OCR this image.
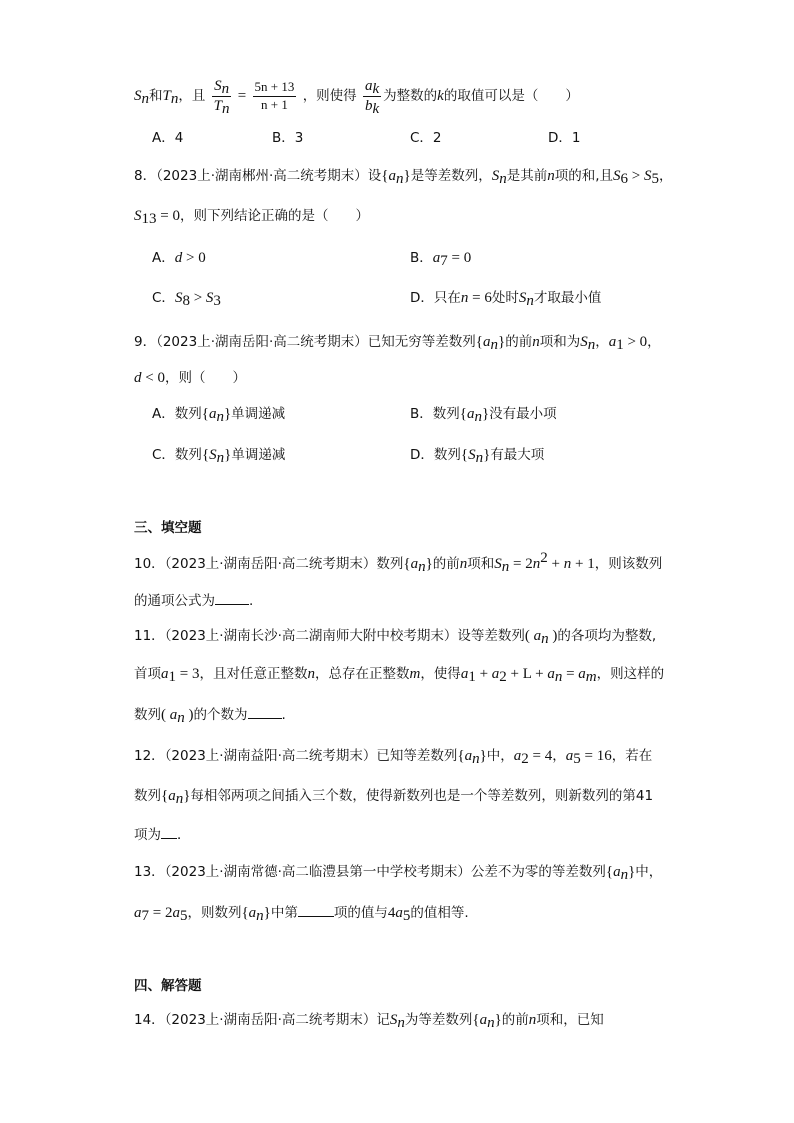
$S_n$和$T_n$，且 $\frac{S_n}{T_n} = \frac{5n + 13}{n + 1}$ ，则使得 $\frac{a_k}{b_k}$ 为整数的k的取值可以是（　　）
A．4	B．3	C．2	D．1
8．（2023上·湖南郴州·高二统考期末）设$\{a_n\}$是等差数列，$S_n$是其前n项的和,且$S_6 > S_5$，
$S_{13} = 0$，则下列结论正确的是（　　）
A．d > 0	B．$a_7 = 0$
C．$S_8 > S_3$	D．只在n = 6处时$S_n$才取最小值
9．（2023上·湖南岳阳·高二统考期末）已知无穷等差数列$\{a_n\}$的前n项和为$S_n$，$a_1 > 0$，
d < 0，则（　　）
A．数列$\{a_n\}$单调递减	B．数列$\{a_n\}$没有最小项
C．数列$\{S_n\}$单调递减	D．数列$\{S_n\}$有最大项
三、填空题
10．（2023上·湖南岳阳·高二统考期末）数列$\{a_n\}$的前n项和$S_n = 2n^2 + n + 1$，则该数列
的通项公式为	.
11．（2023上·湖南长沙·高二湖南师大附中校考期末）设等差数列( $a_n$ )的各项均为整数,
首项$a_1 = 3$，且对任意正整数n，总存在正整数m，使得$a_1 + a_2 + L + a_n = a_m$，则这样的
数列( $a_n$ )的个数为	.
12．（2023上·湖南益阳·高二统考期末）已知等差数列$\{a_n\}$中，$a_2 = 4$，$a_5 = 16$，若在
数列$\{a_n\}$每相邻两项之间插入三个数，使得新数列也是一个等差数列，则新数列的第41
项为 ．
13．（2023上·湖南常德·高二临澧县第一中学校考期末）公差不为零的等差数列$\{a_n\}$中，
$a_7 = 2a_5$，则数列$\{a_n\}$中第	项的值与$4a_5$的值相等.
四、解答题
14．（2023上·湖南岳阳·高二统考期末）记$S_n$为等差数列$\{a_n\}$的前n项和，已知
